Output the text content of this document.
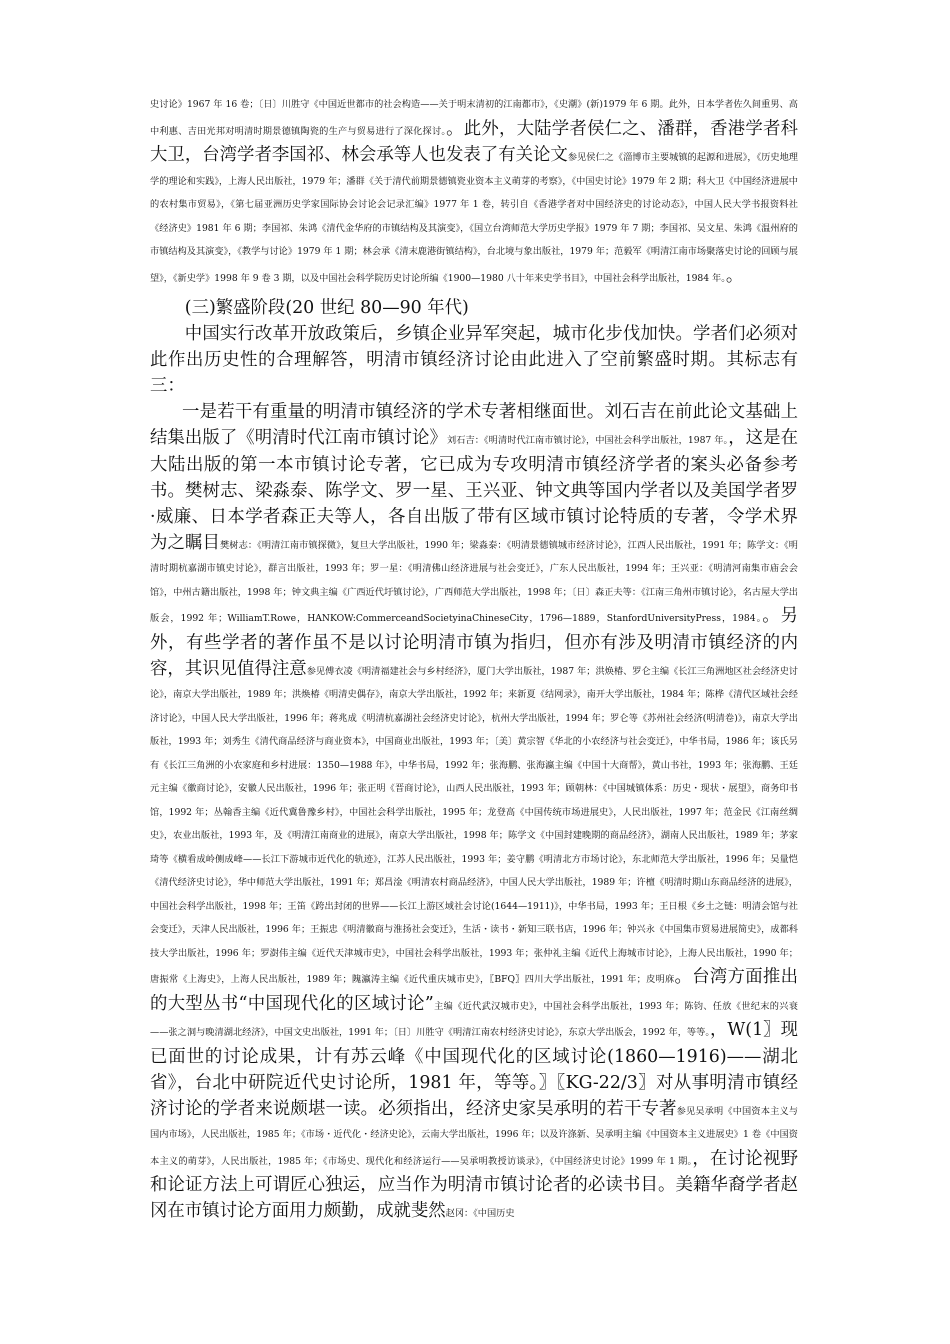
史讨论》1967 年 16 卷；〔日〕川胜守《中国近世都市的社会构造——关于明末清初的江南都市》，《史潮》(新)1979 年 6 期。此外，日本学者佐久间重男、高中利惠、吉田光邦对明清时期景德镇陶瓷的生产与贸易进行了深化探讨。。此外，大陆学者侯仁之、潘群，香港学者科大卫，台湾学者李国祁、林会承等人也发表了有关论文参见侯仁之《淄博市主要城镇的起源和进展》，《历史地理学的理论和实践》，上海人民出版社，1979 年；潘群《关于清代前期景德镇瓷业资本主义萌芽的考察》，《中国史讨论》1979 年 2 期；科大卫《中国经济进展中的农村集市贸易》，《第七届亚洲历史学家国际协会讨论会记录汇编》1977 年 1 卷，转引自《香港学者对中国经济史的讨论动态》，中国人民大学书报资料社《经济史》1981 年 6 期；李国祁、朱鸿《清代金华府的市镇结构及其演变》，《国立台湾师范大学历史学报》1979 年 7 期；李国祁、吴文星、朱鸿《温州府的市镇结构及其演变》，《教学与讨论》1979 年 1 期；林会承《清末鹿港街镇结构》，台北境与象出版社，1979 年；范毅军《明清江南市场聚落史讨论的回顾与展望》，《新史学》1998 年 9 卷 3 期，以及中国社会科学院历史讨论所编《1900—1980 八十年来史学书目》，中国社会科学出版社，1984 年。。

(三)繁盛阶段(20 世纪 80—90 年代)

中国实行改革开放政策后，乡镇企业异军突起，城市化步伐加快。学者们必须对此作出历史性的合理解答，明清市镇经济讨论由此进入了空前繁盛时期。其标志有三：

一是若干有重量的明清市镇经济的学术专著相继面世。刘石吉在前此论文基础上结集出版了《明清时代江南市镇讨论》刘石吉：《明清时代江南市镇讨论》，中国社会科学出版社，1987 年。，这是在大陆出版的第一本市镇讨论专著，它已成为专攻明清市镇经济学者的案头必备参考书。樊树志、梁淼泰、陈学文、罗一星、王兴亚、钟文典等国内学者以及美国学者罗·威廉、日本学者森正夫等人，各自出版了带有区域市镇讨论特质的专著，令学术界为之瞩目樊树志：《明清江南市镇探微》，复旦大学出版社，1990 年；梁淼泰：《明清景德镇城市经济讨论》，江西人民出版社，1991 年；陈学文：《明清时期杭嘉湖市镇史讨论》，群言出版社，1993 年；罗一星：《明清佛山经济进展与社会变迁》，广东人民出版社，1994 年；王兴亚：《明清河南集市庙会会馆》，中州古籍出版社，1998 年；钟文典主编《广西近代圩镇讨论》，广西师范大学出版社，1998 年；〔日〕森正夫等：《江南三角州市镇讨论》，名古屋大学出版会，1992 年；WilliamT.Rowe，HANKOW:CommerceandSocietyinaChineseCity，1796—1889，StanfordUniversityPress，1984。。另外，有些学者的著作虽不是以讨论明清市镇为指归，但亦有涉及明清市镇经济的内容，其识见值得注意参见傅衣凌《明清福建社会与乡村经济》，厦门大学出版社，1987 年；洪焕椿、罗仑主编《长江三角洲地区社会经济史讨论》，南京大学出版社，1989 年；洪焕椿《明清史偶存》，南京大学出版社，1992 年；来新夏《结网录》，南开大学出版社，1984 年；陈桦《清代区域社会经济讨论》，中国人民大学出版社，1996 年；蒋兆成《明清杭嘉湖社会经济史讨论》，杭州大学出版社，1994 年；罗仑等《苏州社会经济(明清卷)》，南京大学出版社，1993 年；刘秀生《清代商品经济与商业资本》，中国商业出版社，1993 年；〔美〕黄宗智《华北的小农经济与社会变迁》，中华书局，1986 年；该氏另有《长江三角洲的小农家庭和乡村进展：1350—1988 年》，中华书局，1992 年；张海鹏、张海瀛主编《中国十大商帮》，黄山书社，1993 年；张海鹏、王廷元主编《徽商讨论》，安徽人民出版社，1996 年；张正明《晋商讨论》，山西人民出版社，1993 年；顾朝林：《中国城镇体系：历史・现状・展望》，商务印书馆，1992 年；丛翰香主编《近代冀鲁豫乡村》，中国社会科学出版社，1995 年；龙登高《中国传统市场进展史》，人民出版社，1997 年；范金民《江南丝绸史》，农业出版社，1993 年，及《明清江南商业的进展》，南京大学出版社，1998 年；陈学文《中国封建晚期的商品经济》，湖南人民出版社，1989 年；茅家琦等《横看成岭侧成峰——长江下游城市近代化的轨迹》，江苏人民出版社，1993 年；姜守鹏《明清北方市场讨论》，东北师范大学出版社，1996 年；吴量恺《清代经济史讨论》，华中师范大学出版社，1991 年；郑昌淦《明清农村商品经济》，中国人民大学出版社，1989 年；许檀《明清时期山东商品经济的进展》，中国社会科学出版社，1998 年；王笛《跨出封闭的世界——长江上游区域社会讨论(1644—1911)》，中华书局，1993 年；王日根《乡土之链：明清会馆与社会变迁》，天津人民出版社，1996 年；王振忠《明清徽商与淮扬社会变迁》，生活・读书・新知三联书店，1996 年；钟兴永《中国集市贸易进展简史》，成都科技大学出版社，1996 年；罗澍伟主编《近代天津城市史》，中国社会科学出版社，1993 年；张仲礼主编《近代上海城市讨论》，上海人民出版社，1990 年；唐振常《上海史》，上海人民出版社，1989 年；隗瀛涛主编《近代重庆城市史》，〖BFQ〗四川大学出版社，1991 年；皮明庥。台湾方面推出的大型丛书“中国现代化的区域讨论”主编《近代武汉城市史》，中国社会科学出版社，1993 年；陈钧、任放《世纪末的兴衰——张之洞与晚清湖北经济》，中国文史出版社，1991 年；〔日〕川胜守《明清江南农村经济史讨论》，东京大学出版会，1992 年，等等。，W(1〗现已面世的讨论成果，计有苏云峰《中国现代化的区域讨论(1860—1916)——湖北省》，台北中研院近代史讨论所，1981 年，等等。〗〖KG-22/3〗对从事明清市镇经济讨论的学者来说颇堪一读。必须指出，经济史家吴承明的若干专著参见吴承明《中国资本主义与国内市场》，人民出版社，1985 年；《市场・近代化・经济史论》，云南大学出版社，1996 年；以及许涤新、吴承明主编《中国资本主义进展史》1 卷《中国资本主义的萌芽》，人民出版社，1985 年；《市场史、现代化和经济运行——吴承明教授访谈录》，《中国经济史讨论》1999 年 1 期。，在讨论视野和论证方法上可谓匠心独运，应当作为明清市镇讨论者的必读书目。美籍华裔学者赵冈在市镇讨论方面用力颇勤，成就斐然赵冈：《中国历史
